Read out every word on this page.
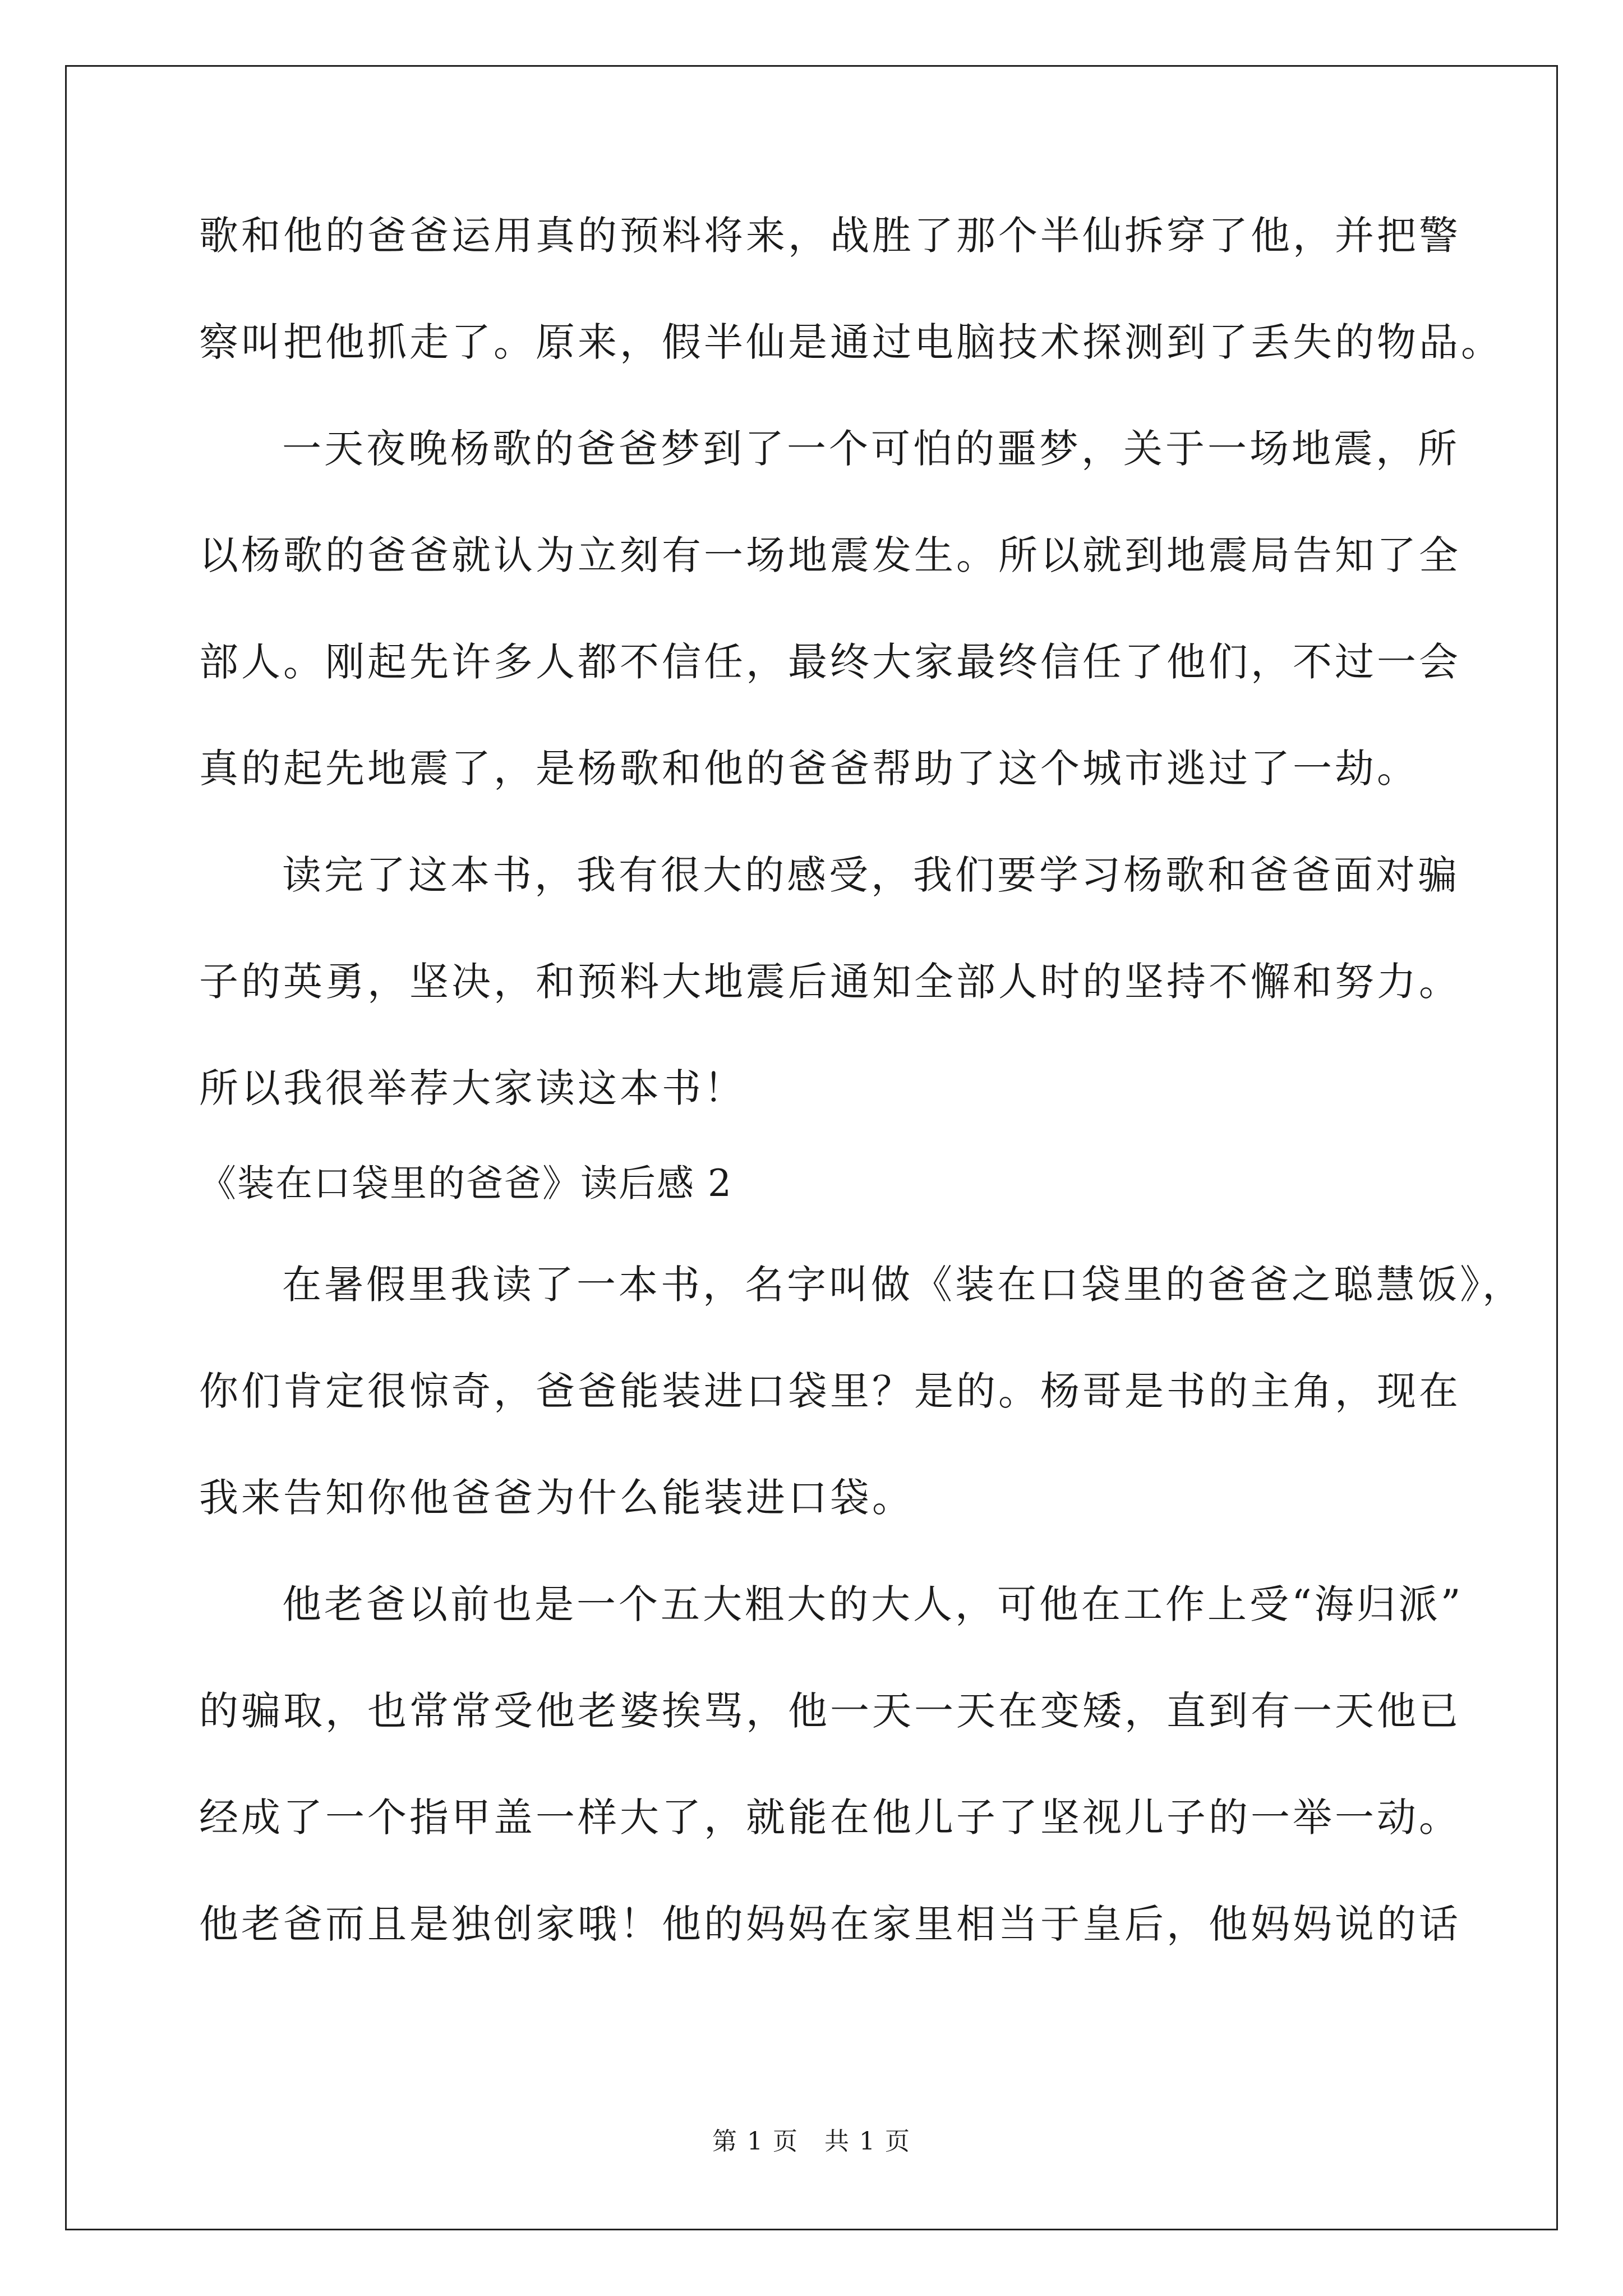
歌和他的爸爸运用真的预料将来，战胜了那个半仙拆穿了他，并把警
察叫把他抓走了。原来，假半仙是通过电脑技术探测到了丢失的物品。
一天夜晚杨歌的爸爸梦到了一个可怕的噩梦，关于一场地震，所
以杨歌的爸爸就认为立刻有一场地震发生。所以就到地震局告知了全
部人。刚起先许多人都不信任，最终大家最终信任了他们，不过一会
真的起先地震了，是杨歌和他的爸爸帮助了这个城市逃过了一劫。
读完了这本书，我有很大的感受，我们要学习杨歌和爸爸面对骗
子的英勇，坚决，和预料大地震后通知全部人时的坚持不懈和努力。
所以我很举荐大家读这本书！
《装在口袋里的爸爸》读后感 2
在暑假里我读了一本书，名字叫做《装在口袋里的爸爸之聪慧饭》，
你们肯定很惊奇，爸爸能装进口袋里？是的。杨哥是书的主角，现在
我来告知你他爸爸为什么能装进口袋。
他老爸以前也是一个五大粗大的大人，可他在工作上受“海归派”
的骗取，也常常受他老婆挨骂，他一天一天在变矮，直到有一天他已
经成了一个指甲盖一样大了，就能在他儿子了坚视儿子的一举一动。
他老爸而且是独创家哦！他的妈妈在家里相当于皇后，他妈妈说的话
第 1 页　共 1 页
